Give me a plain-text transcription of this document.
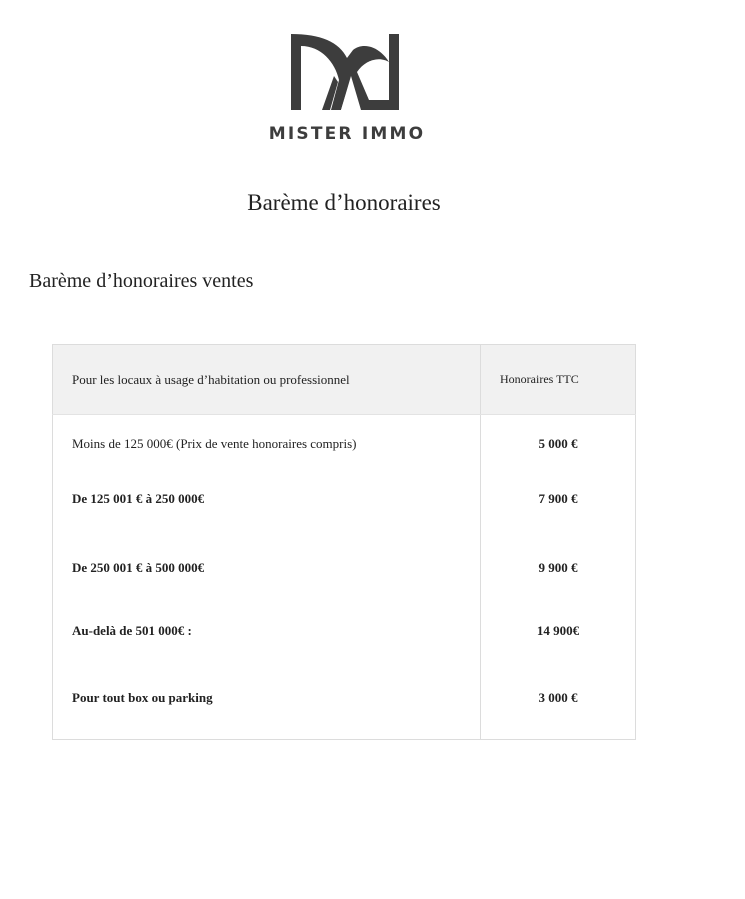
MISTER IMMO
Barème d’honoraires
Barème d’honoraires ventes
Pour les locaux à usage d’habitation ou professionnel	Honoraires TTC

Moins de 125 000€ (Prix de vente honoraires compris)	5 000 €

De 125 001 € à 250 000€	7 900 €

De 250 001 € à 500 000€	9 900 €

Au-delà de 501 000€ :	14 900€

Pour tout box ou parking	3 000 €
